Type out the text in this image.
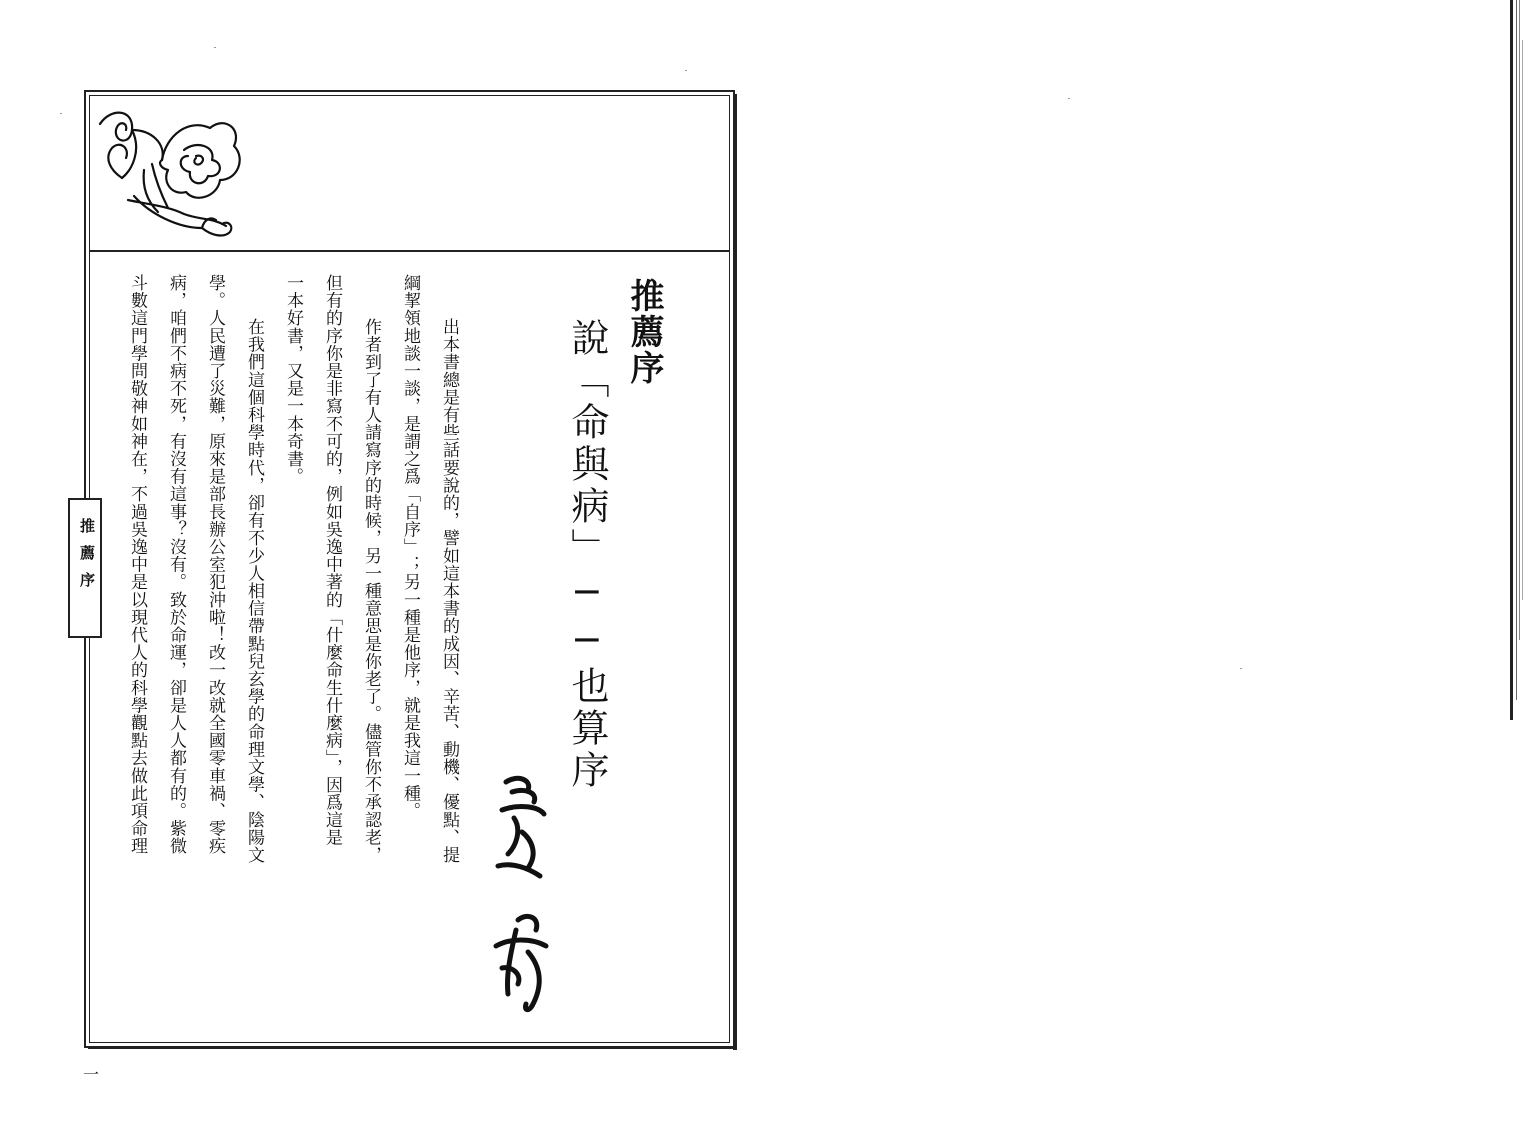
推薦序
說「命與病」──也算序
出本書總是有些話要說的，譬如這本書的成因、辛苦、動機、優點、提
綱挈領地談一談，是謂之爲「自序」；另一種是他序，就是我這一種。
作者到了有人請寫序的時候，另一種意思是你老了。儘管你不承認老，
但有的序你是非寫不可的，例如吳逸中著的「什麼命生什麼病」，因爲這是
一本好書，又是一本奇書。
在我們這個科學時代，卻有不少人相信帶點兒玄學的命理文學、陰陽文
學。人民遭了災難，原來是部長辦公室犯沖啦！改一改就全國零車禍、零疾
病，咱們不病不死，有沒有這事？沒有。致於命運，卻是人人都有的。紫微
斗數這門學問敬神如神在，不過吳逸中是以現代人的科學觀點去做此項命理
推薦序
一
